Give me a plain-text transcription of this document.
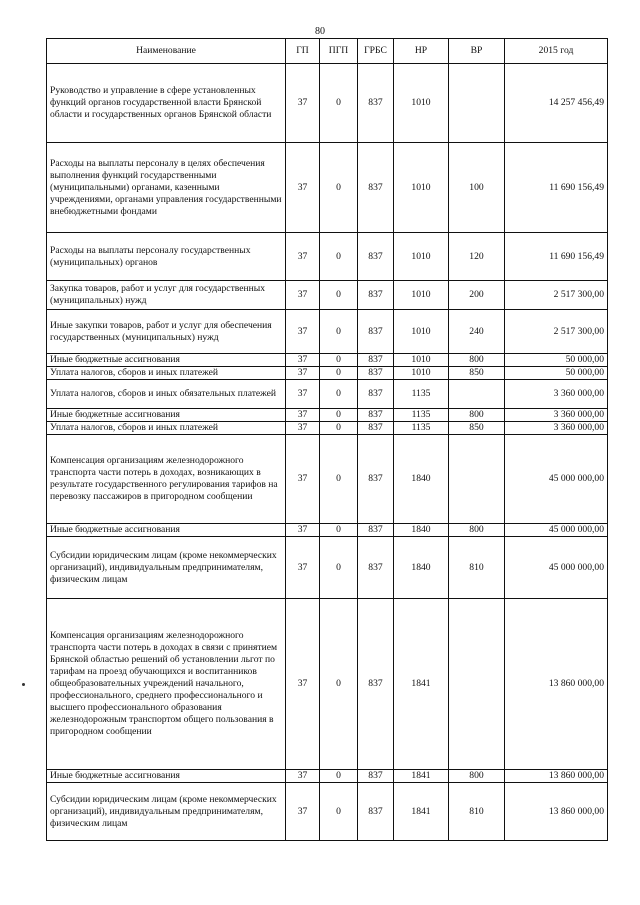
80
Наименование	ГП	ПГП	ГРБС	НР	ВР	2015 год
Руководство и управление в сфере установленных функций органов государственной власти Брянской области и государственных органов Брянской области	37	0	837	1010		14 257 456,49
Расходы на выплаты персоналу в целях обеспечения выполнения функций государственными (муниципальными) органами, казенными учреждениями, органами управления государственными внебюджетными фондами	37	0	837	1010	100	11 690 156,49
Расходы на выплаты персоналу государственных (муниципальных) органов	37	0	837	1010	120	11 690 156,49
Закупка товаров, работ и услуг для государственных (муниципальных) нужд	37	0	837	1010	200	2 517 300,00
Иные закупки товаров, работ и услуг для обеспечения государственных (муниципальных) нужд	37	0	837	1010	240	2 517 300,00
Иные бюджетные ассигнования	37	0	837	1010	800	50 000,00
Уплата налогов, сборов и иных платежей	37	0	837	1010	850	50 000,00
Уплата налогов, сборов и иных обязательных платежей	37	0	837	1135		3 360 000,00
Иные бюджетные ассигнования	37	0	837	1135	800	3 360 000,00
Уплата налогов, сборов и иных платежей	37	0	837	1135	850	3 360 000,00
Компенсация организациям железнодорожного транспорта части потерь в доходах, возникающих в результате государственного регулирования тарифов на перевозку пассажиров в пригородном сообщении	37	0	837	1840		45 000 000,00
Иные бюджетные ассигнования	37	0	837	1840	800	45 000 000,00
Субсидии юридическим лицам (кроме некоммерческих организаций), индивидуальным предпринимателям, физическим лицам	37	0	837	1840	810	45 000 000,00
Компенсация организациям железнодорожного транспорта части потерь в доходах в связи с принятием Брянской областью решений об установлении льгот по тарифам на проезд обучающихся и воспитанников общеобразовательных учреждений начального, профессионального, среднего профессионального и высшего профессионального образования железнодорожным транспортом общего пользования в пригородном сообщении	37	0	837	1841		13 860 000,00
Иные бюджетные ассигнования	37	0	837	1841	800	13 860 000,00
Субсидии юридическим лицам (кроме некоммерческих организаций), индивидуальным предпринимателям, физическим лицам	37	0	837	1841	810	13 860 000,00
